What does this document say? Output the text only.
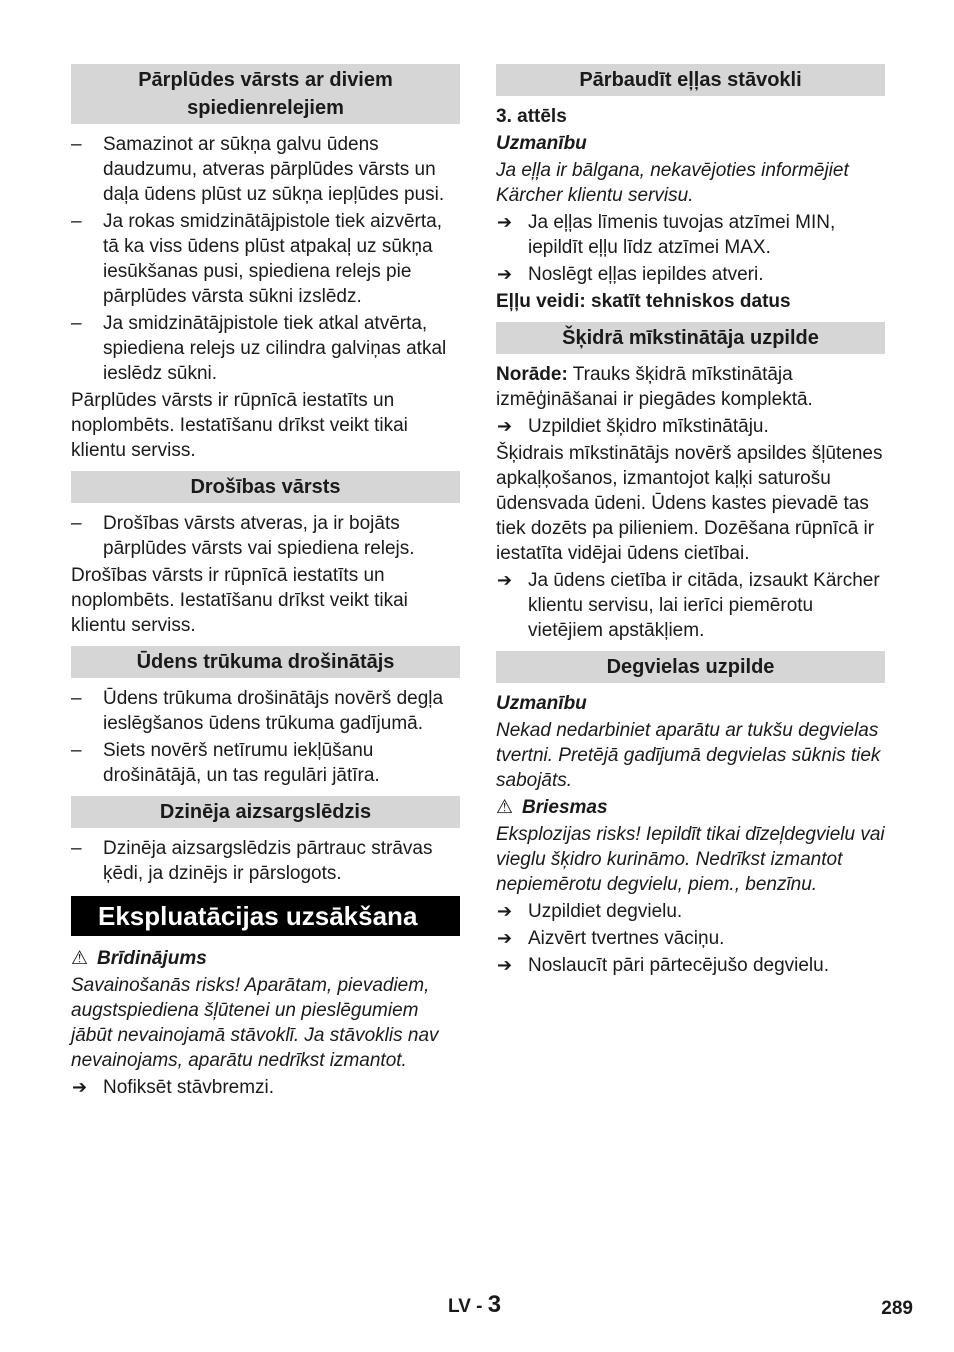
Pārplūdes vārsts ar diviem spiedienrelejiem
– Samazinot ar sūkņa galvu ūdens daudzumu, atveras pārplūdes vārsts un daļa ūdens plūst uz sūkņa iepļūdes pusi.
– Ja rokas smidzinātājpistole tiek aizvērta, tā ka viss ūdens plūst atpakaļ uz sūkņa iesūkšanas pusi, spiediena relejs pie pārplūdes vārsta sūkni izslēdz.
– Ja smidzinātājpistole tiek atkal atvērta, spiediena relejs uz cilindra galviņas atkal ieslēdz sūkni.
Pārplūdes vārsts ir rūpnīcā iestatīts un noplombēts. Iestatīšanu drīkst veikt tikai klientu serviss.
Drošības vārsts
– Drošības vārsts atveras, ja ir bojāts pārplūdes vārsts vai spiediena relejs.
Drošības vārsts ir rūpnīcā iestatīts un noplombēts. Iestatīšanu drīkst veikt tikai klientu serviss.
Ūdens trūkuma drošinātājs
– Ūdens trūkuma drošinātājs novērš degļa ieslēgšanos ūdens trūkuma gadījumā.
– Siets novērš netīrumu iekļūšanu drošinātājā, un tas regulāri jātīra.
Dzinēja aizsargslēdzis
– Dzinēja aizsargslēdzis pārtrauc strāvas ķēdi, ja dzinējs ir pārslogots.
Ekspluatācijas uzsākšana
⚠ Brīdinājums
Savainošanās risks! Aparātam, pievadiem, augstspiediena šļūtenei un pieslēgumiem jābūt nevainojamā stāvoklī. Ja stāvoklis nav nevainojams, aparātu nedrīkst izmantot.
➔ Nofiksēt stāvbremzi.
Pārbaudīt eļļas stāvokli
3. attēls
Uzmanību
Ja eļļa ir bālgana, nekavējoties informējiet Kärcher klientu servisu.
➔ Ja eļļas līmenis tuvojas atzīmei MIN, iepildīt eļļu līdz atzīmei MAX.
➔ Noslēgt eļļas iepildes atveri.
Eļļu veidi: skatīt tehniskos datus
Šķidrā mīkstinātāja uzpilde
Norāde: Trauks šķidrā mīkstinātāja izmēģināšanai ir piegādes komplektā.
➔ Uzpildiet šķidro mīkstinātāju.
Šķidrais mīkstinātājs novērš apsildes šļūtenes apkaļķošanos, izmantojot kaļķi saturošu ūdensvada ūdeni. Ūdens kastes pievadē tas tiek dozēts pa pilieniem. Dozēšana rūpnīcā ir iestatīta vidējai ūdens cietībai.
➔ Ja ūdens cietība ir citāda, izsaukt Kärcher klientu servisu, lai ierīci piemērotu vietējiem apstākļiem.
Degvielas uzpilde
Uzmanību
Nekad nedarbiniet aparātu ar tukšu degvielas tvertni. Pretējā gadījumā degvielas sūknis tiek sabojāts.
⚠ Briesmas
Eksplozijas risks! Iepildīt tikai dīzeļdegvielu vai vieglu šķidro kurināmo. Nedrīkst izmantot nepiemērotu degvielu, piem., benzīnu.
➔ Uzpildiet degvielu.
➔ Aizvērt tvertnes vāciņu.
➔ Noslaucīt pāri pārtecējušo degvielu.
LV - 3	289
